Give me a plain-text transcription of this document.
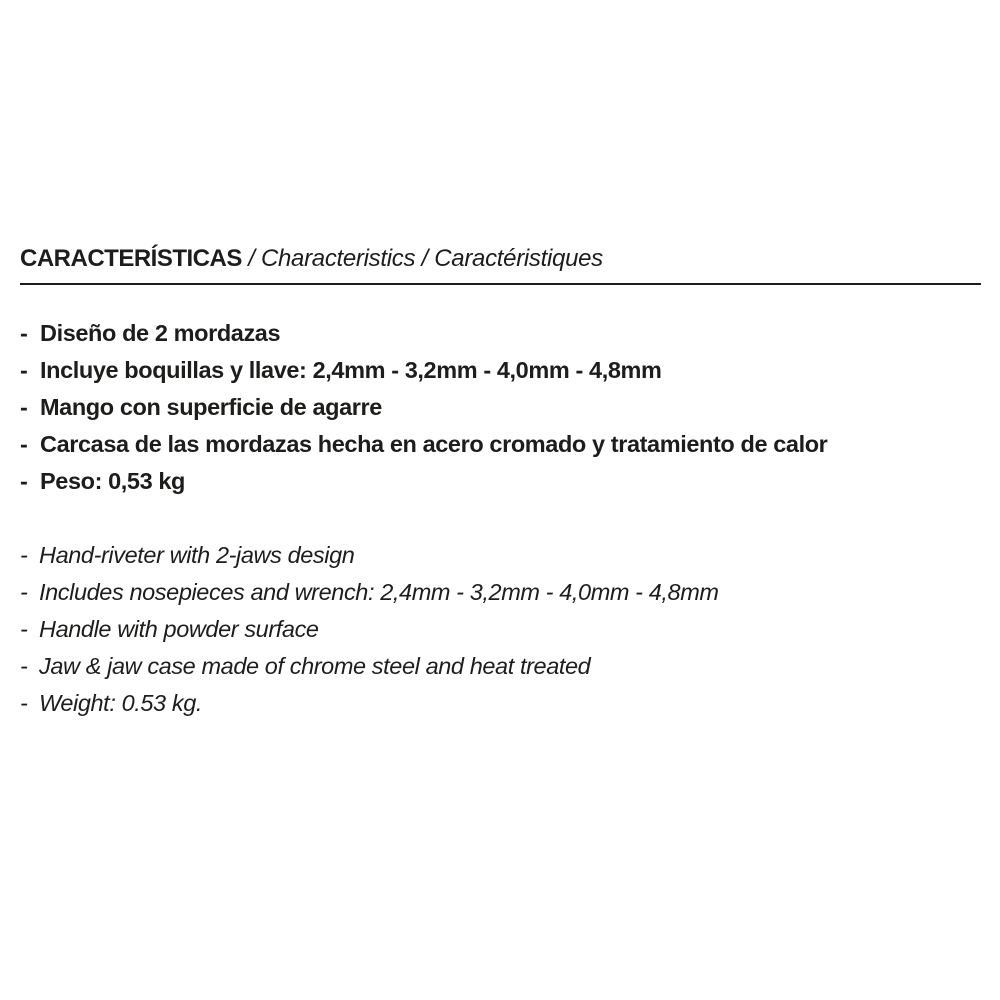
CARACTERÍSTICAS / Characteristics / Caractéristiques
- Diseño de 2 mordazas
- Incluye boquillas y llave: 2,4mm - 3,2mm - 4,0mm - 4,8mm
- Mango con superficie de agarre
- Carcasa de las mordazas hecha en acero cromado y tratamiento de calor
- Peso: 0,53 kg
- Hand-riveter with 2-jaws design
- Includes nosepieces and wrench: 2,4mm - 3,2mm - 4,0mm - 4,8mm
- Handle with powder surface
- Jaw & jaw case made of chrome steel and heat treated
- Weight: 0.53 kg.
